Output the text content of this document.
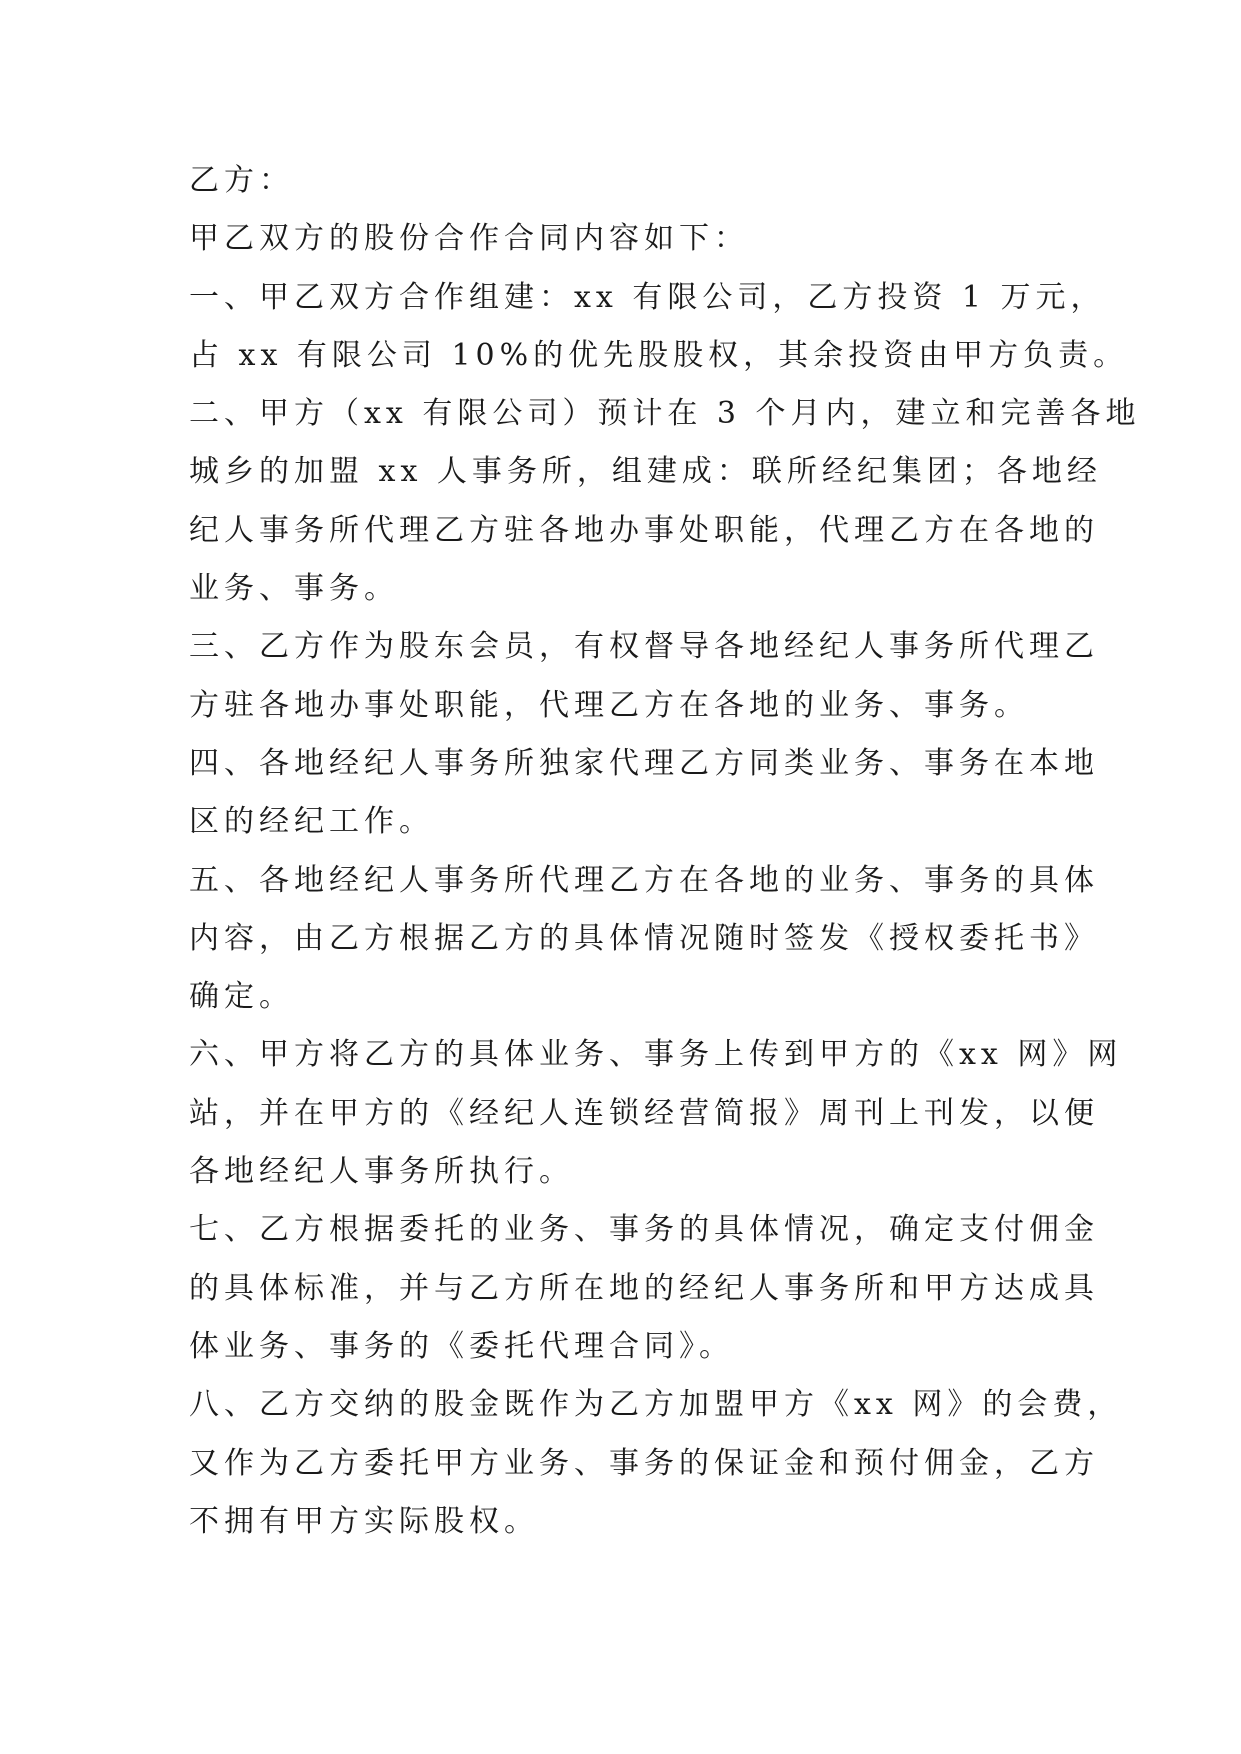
乙方：
甲乙双方的股份合作合同内容如下：
一、甲乙双方合作组建：xx 有限公司，乙方投资 1 万元，
占 xx 有限公司 10%的优先股股权，其余投资由甲方负责。
二、甲方（xx 有限公司）预计在 3 个月内，建立和完善各地
城乡的加盟 xx 人事务所，组建成：联所经纪集团；各地经
纪人事务所代理乙方驻各地办事处职能，代理乙方在各地的
业务、事务。
三、乙方作为股东会员，有权督导各地经纪人事务所代理乙
方驻各地办事处职能，代理乙方在各地的业务、事务。
四、各地经纪人事务所独家代理乙方同类业务、事务在本地
区的经纪工作。
五、各地经纪人事务所代理乙方在各地的业务、事务的具体
内容，由乙方根据乙方的具体情况随时签发《授权委托书》
确定。
六、甲方将乙方的具体业务、事务上传到甲方的《xx 网》网
站，并在甲方的《经纪人连锁经营简报》周刊上刊发，以便
各地经纪人事务所执行。
七、乙方根据委托的业务、事务的具体情况，确定支付佣金
的具体标准，并与乙方所在地的经纪人事务所和甲方达成具
体业务、事务的《委托代理合同》。
八、乙方交纳的股金既作为乙方加盟甲方《xx 网》的会费，
又作为乙方委托甲方业务、事务的保证金和预付佣金，乙方
不拥有甲方实际股权。
